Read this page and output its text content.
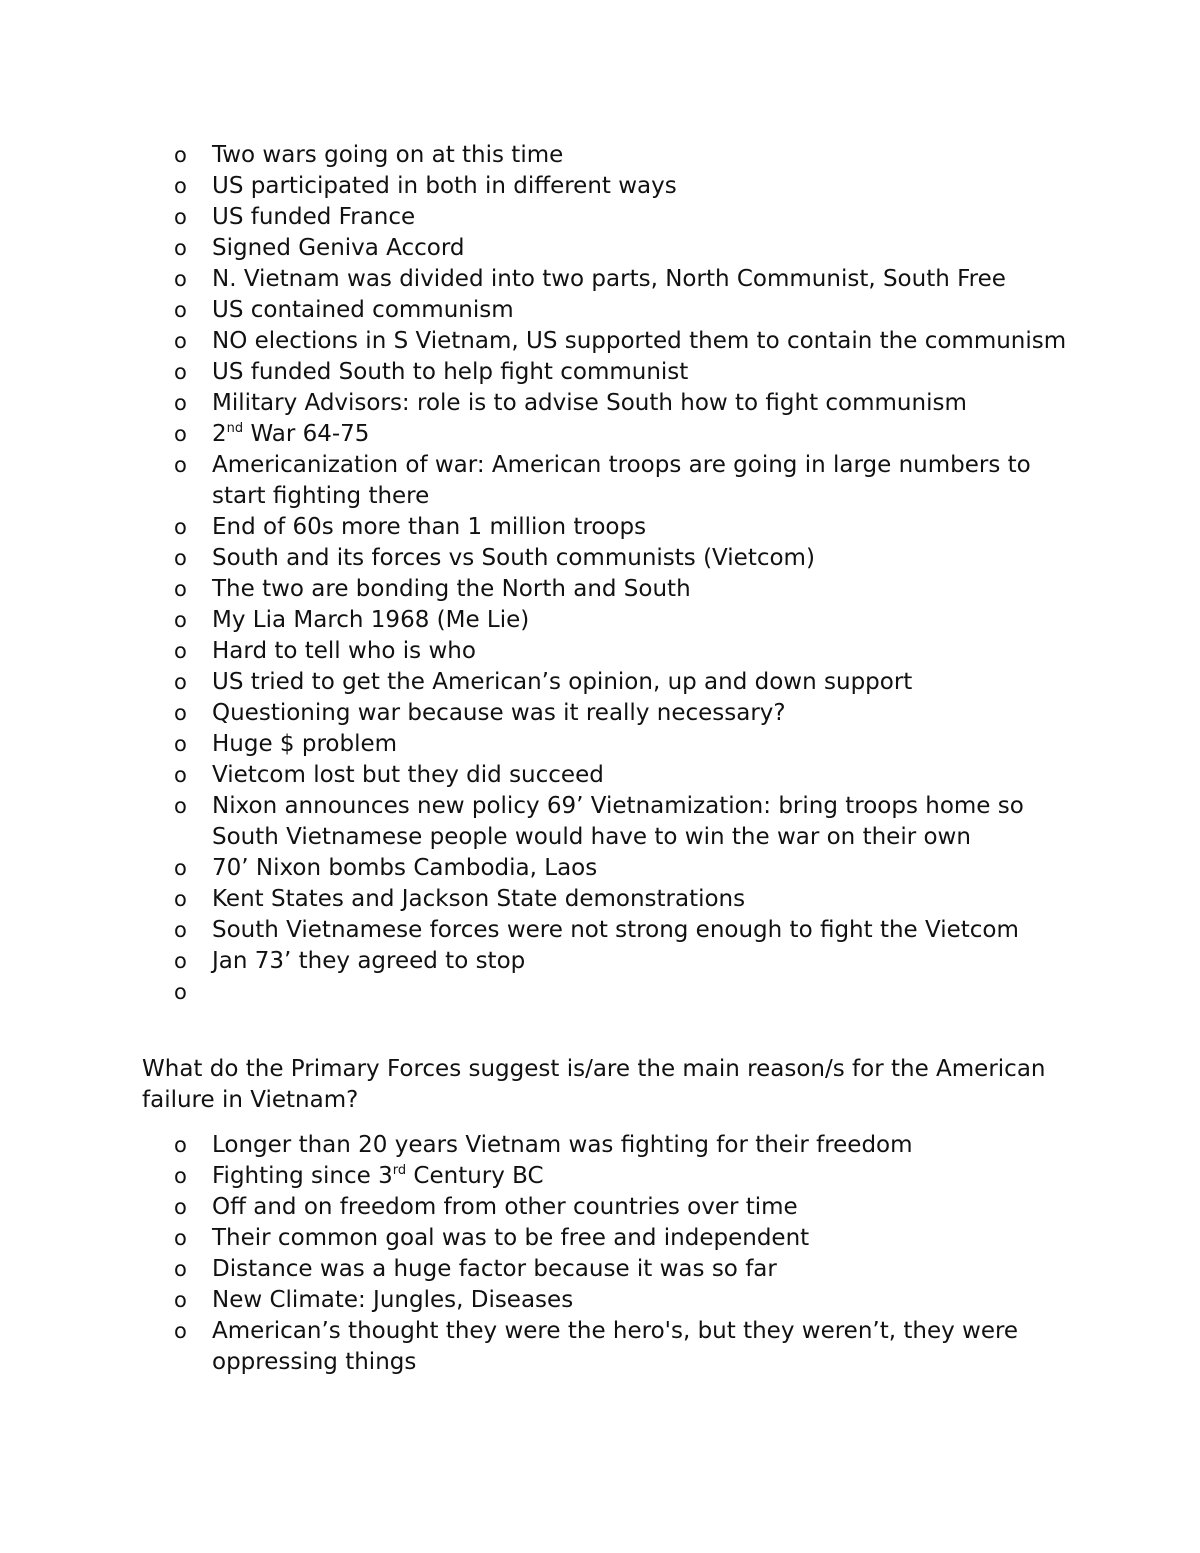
o	Two wars going on at this time
o	US participated in both in different ways
o	US funded France
o	Signed Geniva Accord
o	N. Vietnam was divided into two parts, North Communist, South Free
o	US contained communism
o	NO elections in S Vietnam, US supported them to contain the communism
o	US funded South to help fight communist
o	Military Advisors: role is to advise South how to fight communism
o	2nd War 64-75
o	Americanization of war: American troops are going in large numbers to start fighting there
o	End of 60s more than 1 million troops
o	South and its forces vs South communists (Vietcom)
o	The two are bonding the North and South
o	My Lia March 1968 (Me Lie)
o	Hard to tell who is who
o	US tried to get the American’s opinion, up and down support
o	Questioning war because was it really necessary?
o	Huge $ problem
o	Vietcom lost but they did succeed
o	Nixon announces new policy 69’ Vietnamization: bring troops home so South Vietnamese people would have to win the war on their own
o	70’ Nixon bombs Cambodia, Laos
o	Kent States and Jackson State demonstrations
o	South Vietnamese forces were not strong enough to fight the Vietcom
o	Jan 73’ they agreed to stop
o

What do the Primary Forces suggest is/are the main reason/s for the American failure in Vietnam?

o	Longer than 20 years Vietnam was fighting for their freedom
o	Fighting since 3rd Century BC
o	Off and on freedom from other countries over time
o	Their common goal was to be free and independent
o	Distance was a huge factor because it was so far
o	New Climate: Jungles, Diseases
o	American’s thought they were the hero's, but they weren’t, they were oppressing things
